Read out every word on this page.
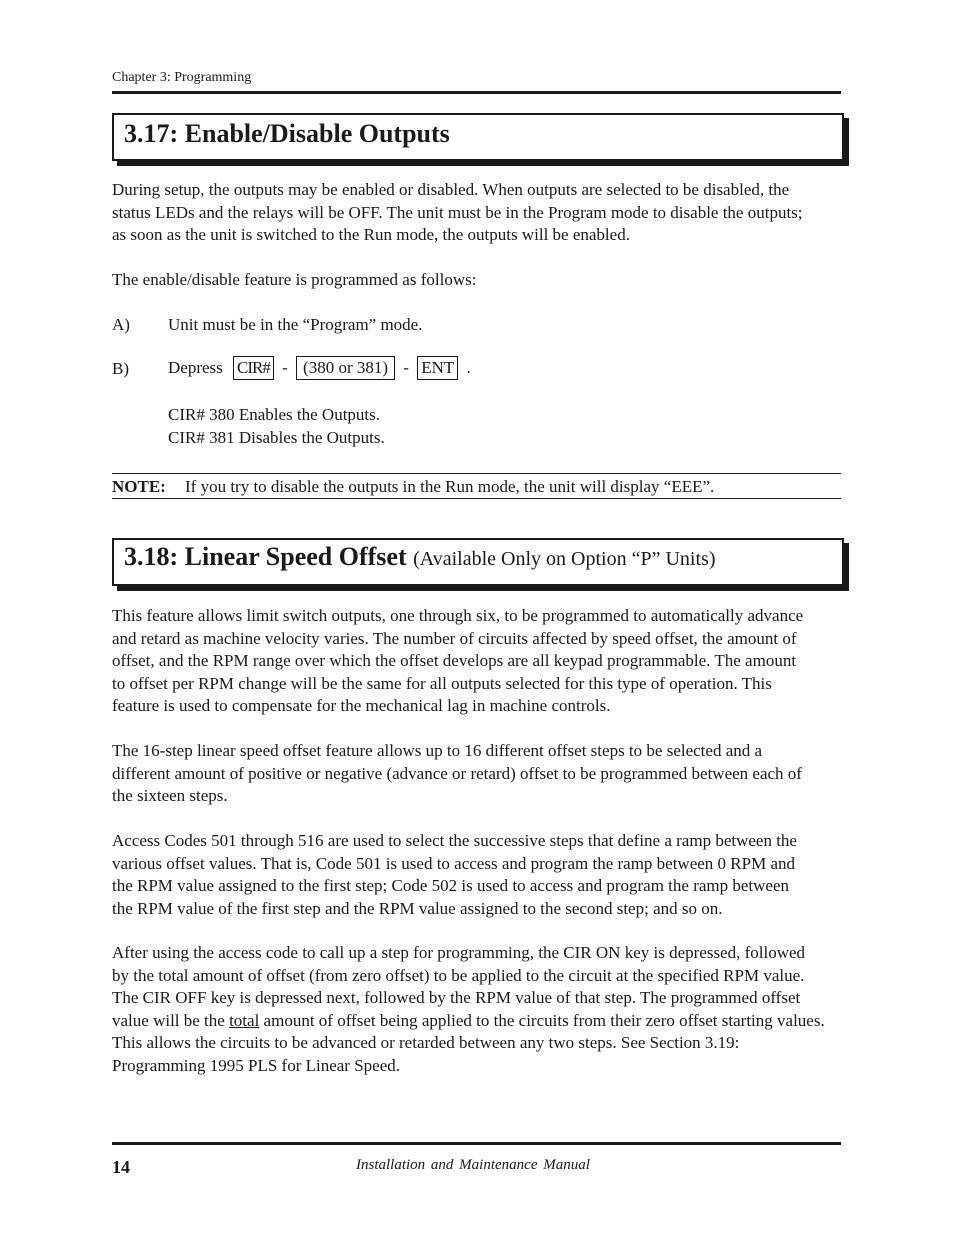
Chapter 3: Programming
3.17: Enable/Disable Outputs

During setup, the outputs may be enabled or disabled. When outputs are selected to be disabled, the

status LEDs and the relays will be OFF. The unit must be in the Program mode to disable the outputs;

as soon as the unit is switched to the Run mode, the outputs will be enabled.

The enable/disable feature is programmed as follows:
A) Unit must be in the “Program” mode.
B) Depress CIR# - (380 or 381) - ENT .

CIR# 380 Enables the Outputs.

CIR# 381 Disables the Outputs.

NOTE: If you try to disable the outputs in the Run mode, the unit will display “EEE”.
3.18: Linear Speed Offset (Available Only on Option “P” Units)

This feature allows limit switch outputs, one through six, to be programmed to automatically advance

and retard as machine velocity varies. The number of circuits affected by speed offset, the amount of

offset, and the RPM range over which the offset develops are all keypad programmable. The amount

to offset per RPM change will be the same for all outputs selected for this type of operation. This

feature is used to compensate for the mechanical lag in machine controls.

The 16-step linear speed offset feature allows up to 16 different offset steps to be selected and a

different amount of positive or negative (advance or retard) offset to be programmed between each of

the sixteen steps.

Access Codes 501 through 516 are used to select the successive steps that define a ramp between the

various offset values. That is, Code 501 is used to access and program the ramp between 0 RPM and

the RPM value assigned to the first step; Code 502 is used to access and program the ramp between

the RPM value of the first step and the RPM value assigned to the second step; and so on.

After using the access code to call up a step for programming, the CIR ON key is depressed, followed

by the total amount of offset (from zero offset) to be applied to the circuit at the specified RPM value.

The CIR OFF key is depressed next, followed by the RPM value of that step. The programmed offset

value will be the total amount of offset being applied to the circuits from their zero offset starting values.

This allows the circuits to be advanced or retarded between any two steps. See Section 3.19:

Programming 1995 PLS for Linear Speed.

14	Installation and Maintenance Manual
